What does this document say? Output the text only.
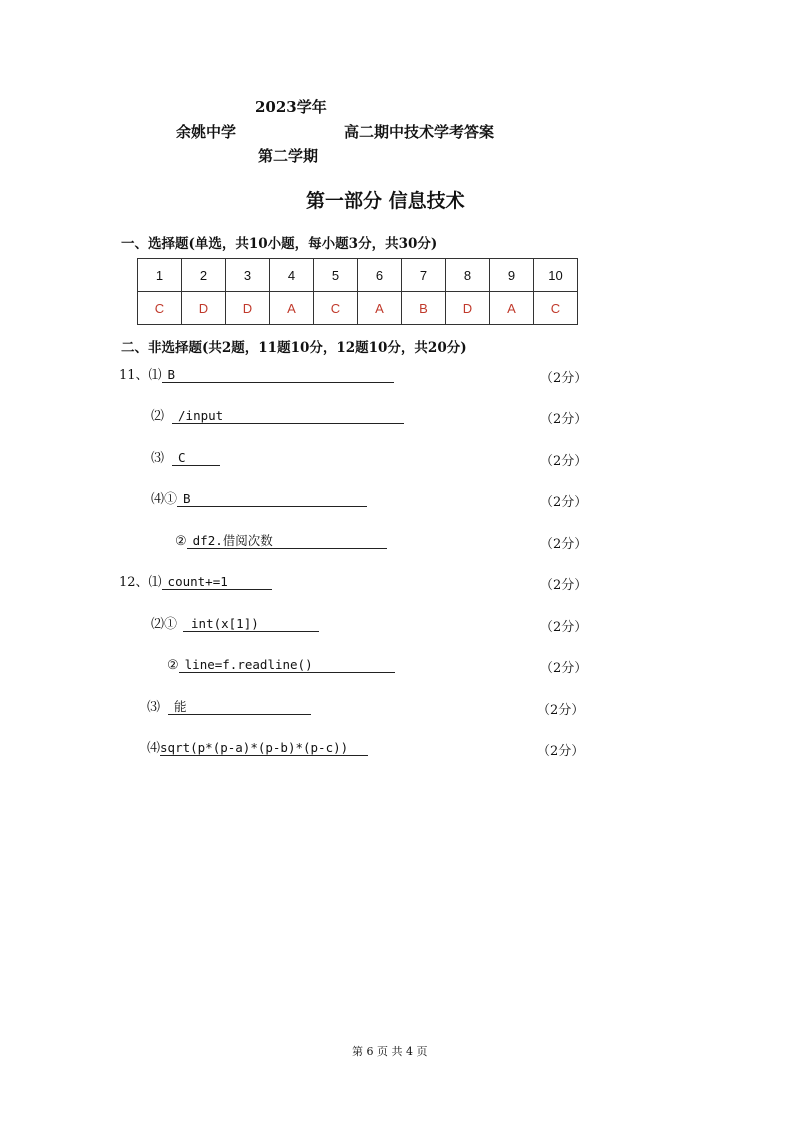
2023学年
余姚中学
第二学期
高二期中技术学考答案
第一部分 信息技术
一、选择题(单选，共10小题，每小题3分，共30分)
1	2	3	4	5	6	7	8	9	10
C	D	D	A	C	A	B	D	A	C
二、非选择题(共2题，11题10分，12题10分，共20分)
11、⑴ B	（2分）
⑵ /input	（2分）
⑶ C	（2分）
⑷① B	（2分）
② df2.借阅次数	（2分）
12、⑴ count+=1	（2分）
⑵① int(x[1])	（2分）
② line=f.readline()	（2分）
⑶ 能	（2分）
⑷sqrt(p*(p-a)*(p-b)*(p-c))	（2分）
第 6 页 共 4 页
